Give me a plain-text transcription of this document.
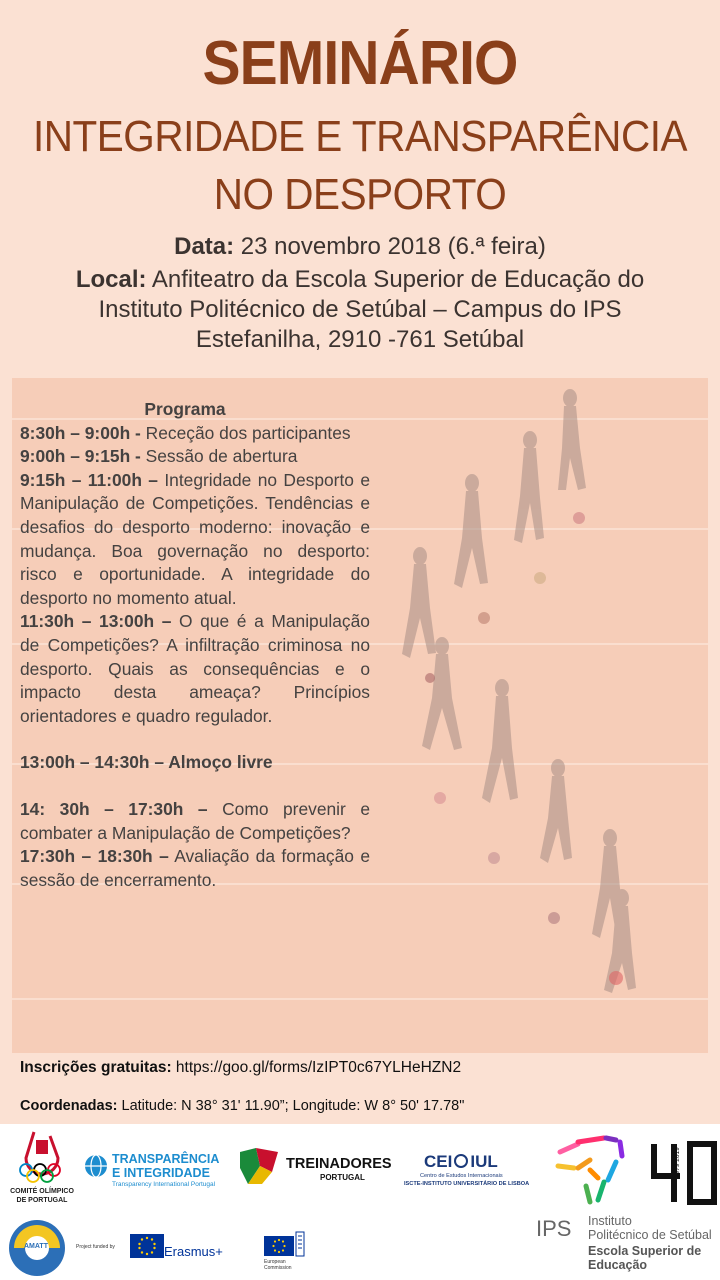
SEMINÁRIO
INTEGRIDADE E TRANSPARÊNCIA
NO DESPORTO
Data: 23 novembro 2018 (6.ª feira)
Local: Anfiteatro da Escola Superior de Educação do
Instituto Politécnico de Setúbal – Campus do IPS
Estefanilha, 2910 -761 Setúbal

Programa

8:30h – 9:00h - Receção dos participantes

9:00h – 9:15h - Sessão de abertura

9:15h – 11:00h – Integridade no Desporto e Manipulação de Competições. Tendências e desafios do desporto moderno: inovação e mudança. Boa governação no desporto: risco e oportunidade. A integridade do desporto no momento atual.

11:30h – 13:00h – O que é a Manipulação de Competições? A infiltração criminosa no desporto. Quais as consequências e o impacto desta ameaça? Princípios orientadores e quadro regulador.

13:00h – 14:30h – Almoço livre

14: 30h – 17:30h – Como prevenir e combater a Manipulação de Competições?

17:30h – 18:30h – Avaliação da formação e sessão de encerramento.

Inscrições gratuitas: https://goo.gl/forms/IzIPT0c67YLHeHZN2
Coordenadas: Latitude: N 38° 31' 11.90”; Longitude: W 8° 50' 17.78"
COMITÉ OLÍMPICO
DE PORTUGAL
TRANSPARÊNCIA
E INTEGRIDADE
Transparency International Portugal
TREINADORES
PORTUGAL
CEI IUL
Centro de Estudos Internacionais
ISCTE-INSTITUTO UNIVERSITÁRIO DE LISBOA
1979 2019
IPS Instituto
Politécnico de Setúbal
Escola Superior de
Educação
AMATT	Project funded by	Erasmus+
European
Commission
